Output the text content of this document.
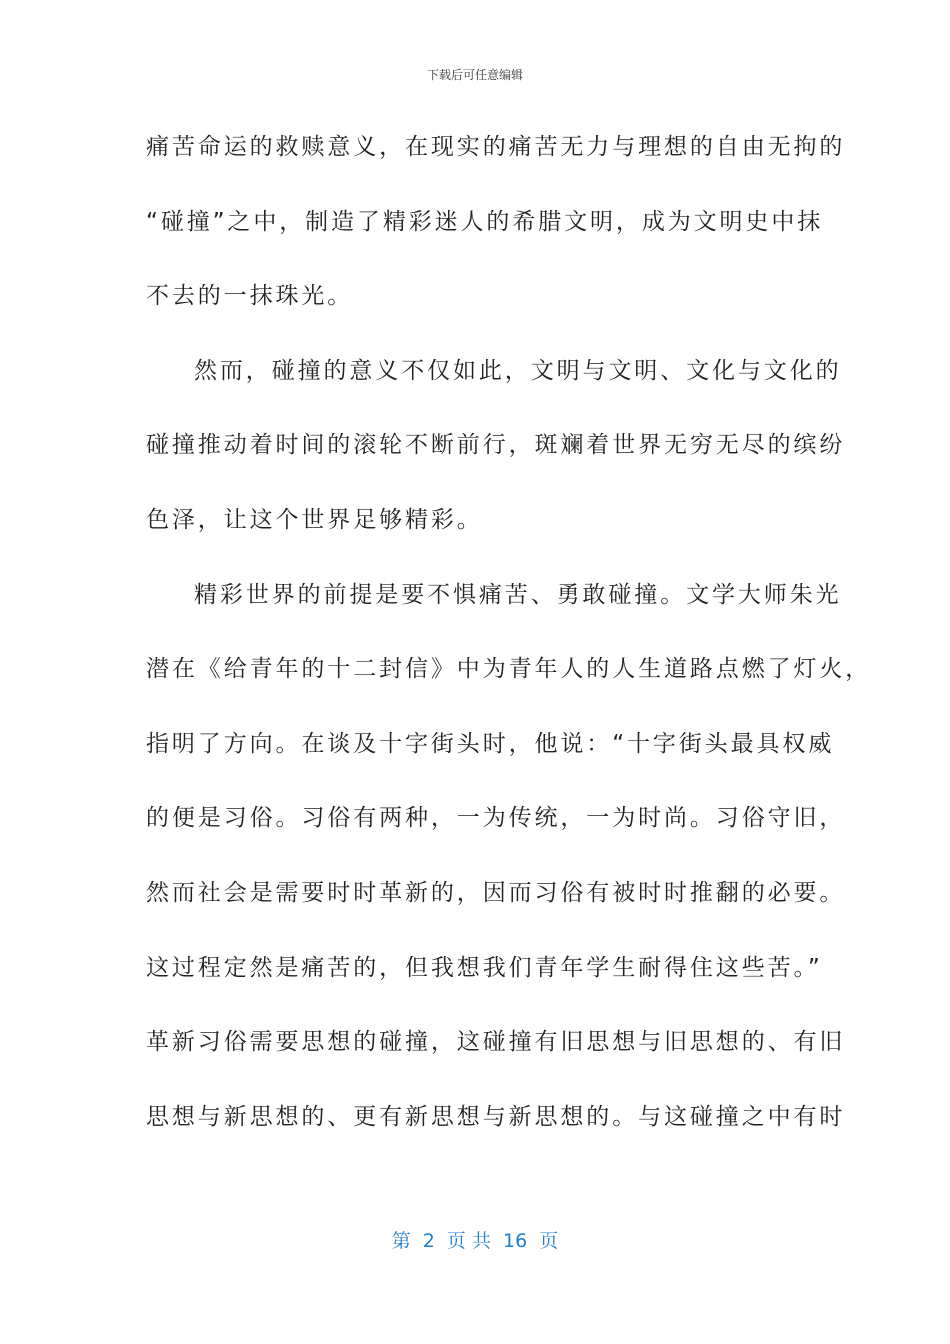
下载后可任意编辑
痛苦命运的救赎意义，在现实的痛苦无力与理想的自由无拘的
“碰撞”之中，制造了精彩迷人的希腊文明，成为文明史中抹
不去的一抹珠光。
然而，碰撞的意义不仅如此，文明与文明、文化与文化的
碰撞推动着时间的滚轮不断前行，斑斓着世界无穷无尽的缤纷
色泽，让这个世界足够精彩。
精彩世界的前提是要不惧痛苦、勇敢碰撞。文学大师朱光
潜在《给青年的十二封信》中为青年人的人生道路点燃了灯火，
指明了方向。在谈及十字街头时，他说：“十字街头最具权威
的便是习俗。习俗有两种，一为传统，一为时尚。习俗守旧，
然而社会是需要时时革新的，因而习俗有被时时推翻的必要。
这过程定然是痛苦的，但我想我们青年学生耐得住这些苦。”
革新习俗需要思想的碰撞，这碰撞有旧思想与旧思想的、有旧
思想与新思想的、更有新思想与新思想的。与这碰撞之中有时
第  2  页 共  16  页
